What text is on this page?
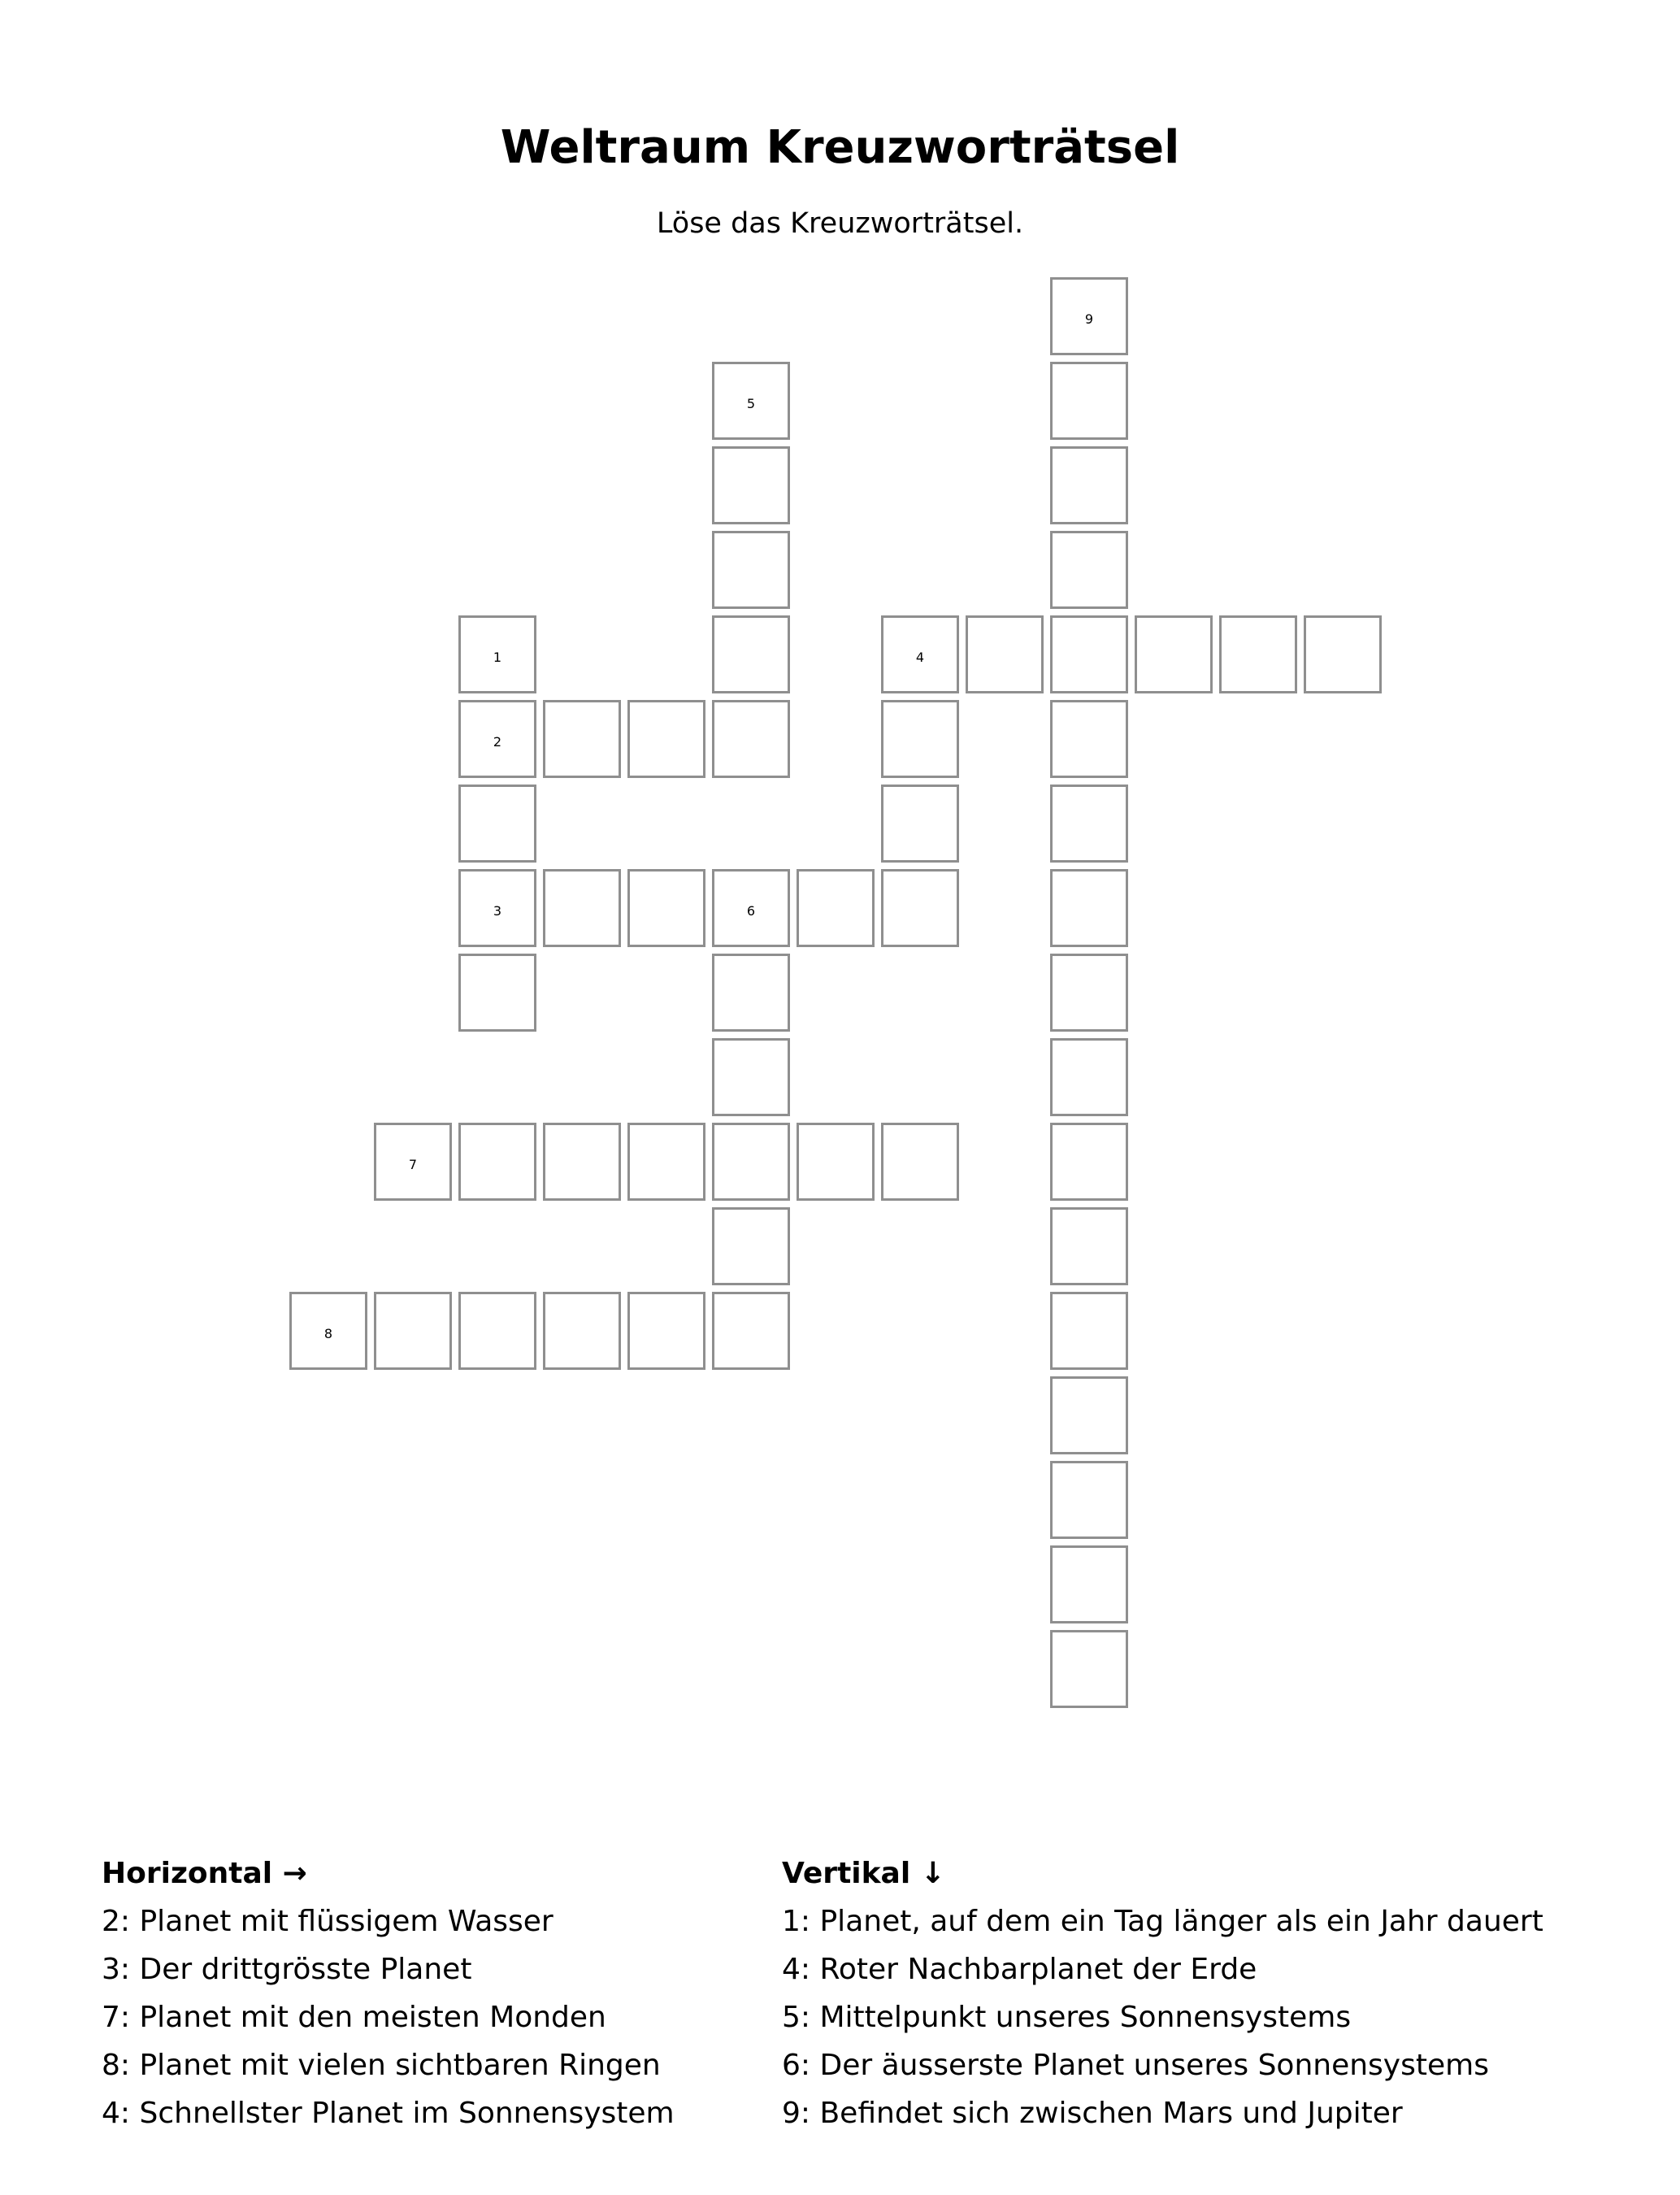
Weltraum Kreuzworträtsel
Löse das Kreuzworträtsel.
1
2
3	6
4
5
7
8
9
Horizontal →
2: Planet mit flüssigem Wasser
3: Der drittgrösste Planet
7: Planet mit den meisten Monden
8: Planet mit vielen sichtbaren Ringen
4: Schnellster Planet im Sonnensystem
Vertikal ↓
1: Planet, auf dem ein Tag länger als ein Jahr dauert
4: Roter Nachbarplanet der Erde
5: Mittelpunkt unseres Sonnensystems
6: Der äusserste Planet unseres Sonnensystems
9: Befindet sich zwischen Mars und Jupiter
